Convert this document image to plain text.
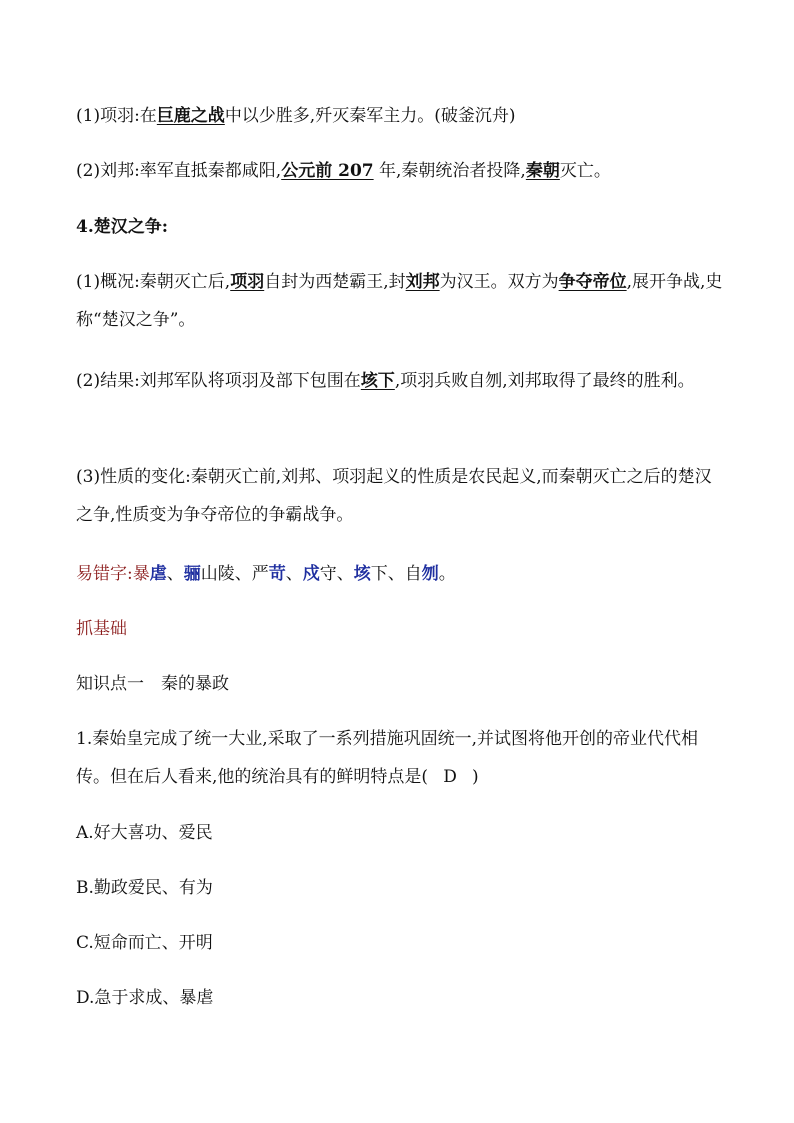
(1)项羽:在巨鹿之战中以少胜多,歼灭秦军主力。(破釜沉舟)

(2)刘邦:率军直抵秦都咸阳,公元前 207 年,秦朝统治者投降,秦朝灭亡。

4.楚汉之争:

(1)概况:秦朝灭亡后,项羽自封为西楚霸王,封刘邦为汉王。双方为争夺帝位,展开争战,史称“楚汉之争”。

(2)结果:刘邦军队将项羽及部下包围在垓下,项羽兵败自刎,刘邦取得了最终的胜利。

(3)性质的变化:秦朝灭亡前,刘邦、项羽起义的性质是农民起义,而秦朝灭亡之后的楚汉之争,性质变为争夺帝位的争霸战争。

易错字:暴虐、骊山陵、严苛、戍守、垓下、自刎。

抓基础

知识点一　秦的暴政

1.秦始皇完成了统一大业,采取了一系列措施巩固统一,并试图将他开创的帝业代代相传。但在后人看来,他的统治具有的鲜明特点是( D )

A.好大喜功、爱民

B.勤政爱民、有为

C.短命而亡、开明

D.急于求成、暴虐
